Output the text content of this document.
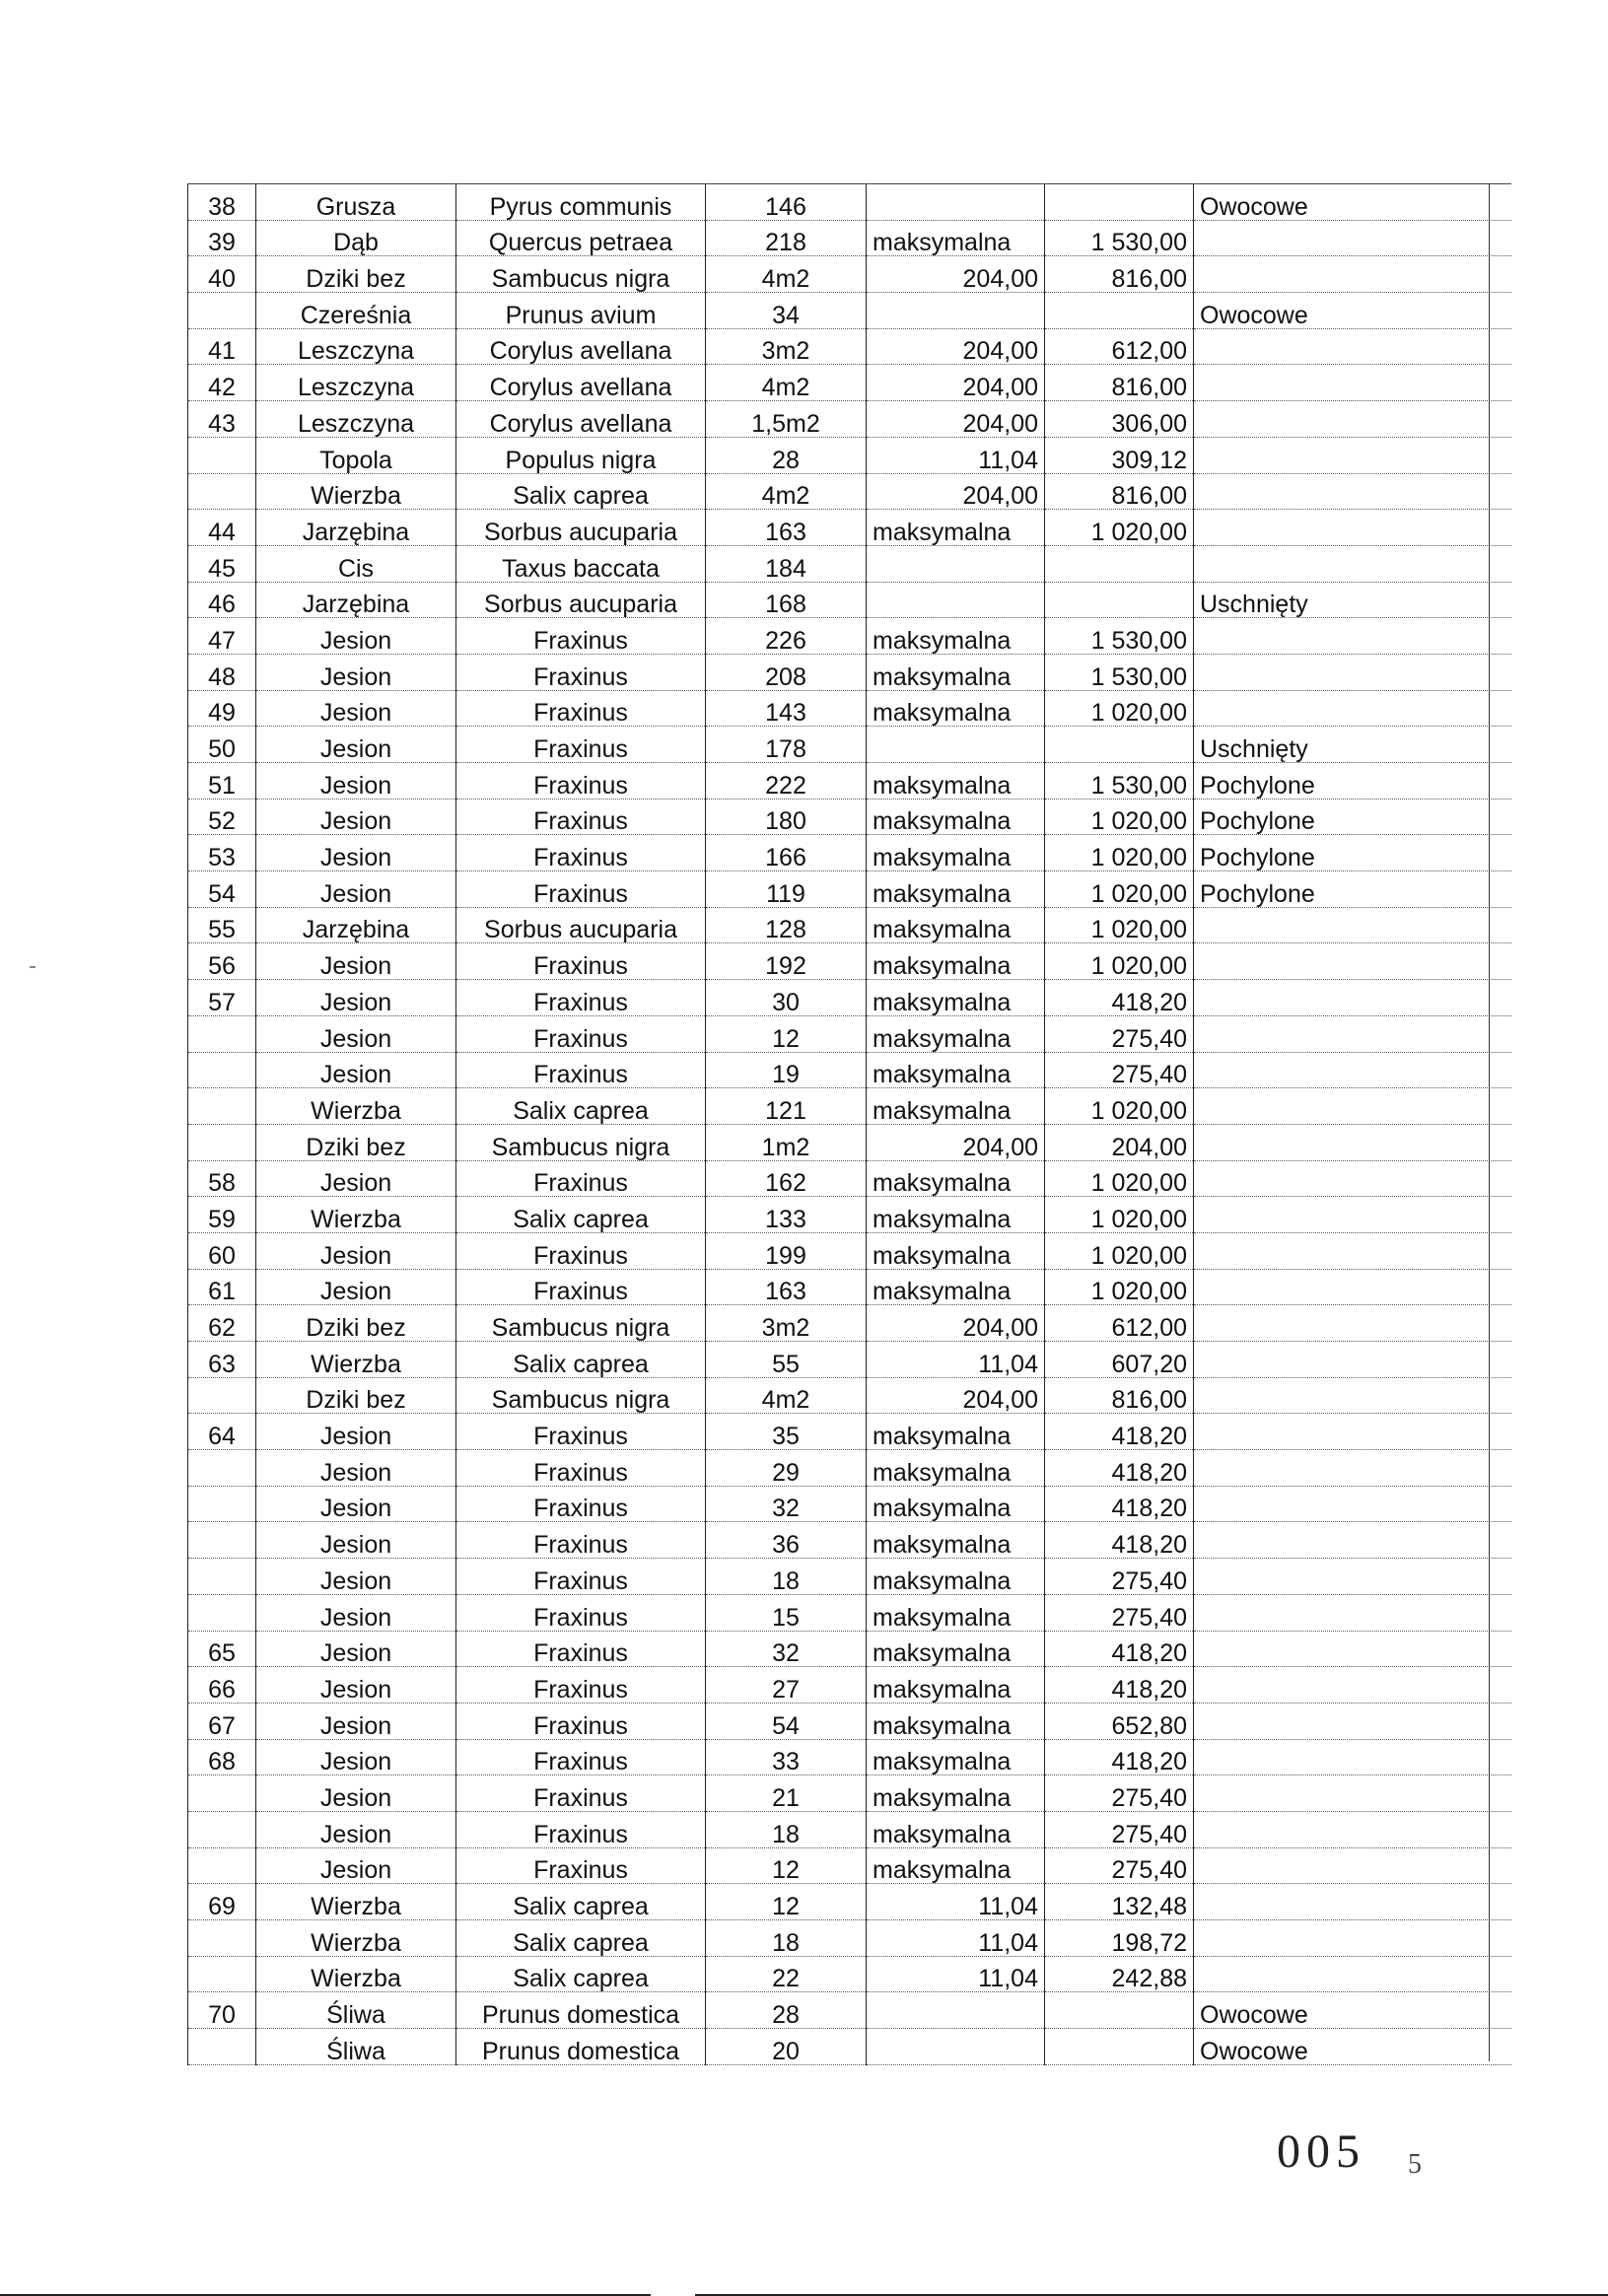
38	Grusza	Pyrus communis	146			Owocowe
39	Dąb	Quercus petraea	218	maksymalna	1 530,00	
40	Dziki bez	Sambucus nigra	4m2	204,00	816,00	
	Czereśnia	Prunus avium	34			Owocowe
41	Leszczyna	Corylus avellana	3m2	204,00	612,00	
42	Leszczyna	Corylus avellana	4m2	204,00	816,00	
43	Leszczyna	Corylus avellana	1,5m2	204,00	306,00	
	Topola	Populus nigra	28	11,04	309,12	
	Wierzba	Salix caprea	4m2	204,00	816,00	
44	Jarzębina	Sorbus aucuparia	163	maksymalna	1 020,00	
45	Cis	Taxus baccata	184			
46	Jarzębina	Sorbus aucuparia	168			Uschnięty
47	Jesion	Fraxinus	226	maksymalna	1 530,00	
48	Jesion	Fraxinus	208	maksymalna	1 530,00	
49	Jesion	Fraxinus	143	maksymalna	1 020,00	
50	Jesion	Fraxinus	178			Uschnięty
51	Jesion	Fraxinus	222	maksymalna	1 530,00	Pochylone
52	Jesion	Fraxinus	180	maksymalna	1 020,00	Pochylone
53	Jesion	Fraxinus	166	maksymalna	1 020,00	Pochylone
54	Jesion	Fraxinus	119	maksymalna	1 020,00	Pochylone
55	Jarzębina	Sorbus aucuparia	128	maksymalna	1 020,00	
56	Jesion	Fraxinus	192	maksymalna	1 020,00	
57	Jesion	Fraxinus	30	maksymalna	418,20	
	Jesion	Fraxinus	12	maksymalna	275,40	
	Jesion	Fraxinus	19	maksymalna	275,40	
	Wierzba	Salix caprea	121	maksymalna	1 020,00	
	Dziki bez	Sambucus nigra	1m2	204,00	204,00	
58	Jesion	Fraxinus	162	maksymalna	1 020,00	
59	Wierzba	Salix caprea	133	maksymalna	1 020,00	
60	Jesion	Fraxinus	199	maksymalna	1 020,00	
61	Jesion	Fraxinus	163	maksymalna	1 020,00	
62	Dziki bez	Sambucus nigra	3m2	204,00	612,00	
63	Wierzba	Salix caprea	55	11,04	607,20	
	Dziki bez	Sambucus nigra	4m2	204,00	816,00	
64	Jesion	Fraxinus	35	maksymalna	418,20	
	Jesion	Fraxinus	29	maksymalna	418,20	
	Jesion	Fraxinus	32	maksymalna	418,20	
	Jesion	Fraxinus	36	maksymalna	418,20	
	Jesion	Fraxinus	18	maksymalna	275,40	
	Jesion	Fraxinus	15	maksymalna	275,40	
65	Jesion	Fraxinus	32	maksymalna	418,20	
66	Jesion	Fraxinus	27	maksymalna	418,20	
67	Jesion	Fraxinus	54	maksymalna	652,80	
68	Jesion	Fraxinus	33	maksymalna	418,20	
	Jesion	Fraxinus	21	maksymalna	275,40	
	Jesion	Fraxinus	18	maksymalna	275,40	
	Jesion	Fraxinus	12	maksymalna	275,40	
69	Wierzba	Salix caprea	12	11,04	132,48	
	Wierzba	Salix caprea	18	11,04	198,72	
	Wierzba	Salix caprea	22	11,04	242,88	
70	Śliwa	Prunus domestica	28			Owocowe
	Śliwa	Prunus domestica	20			Owocowe
005 5
